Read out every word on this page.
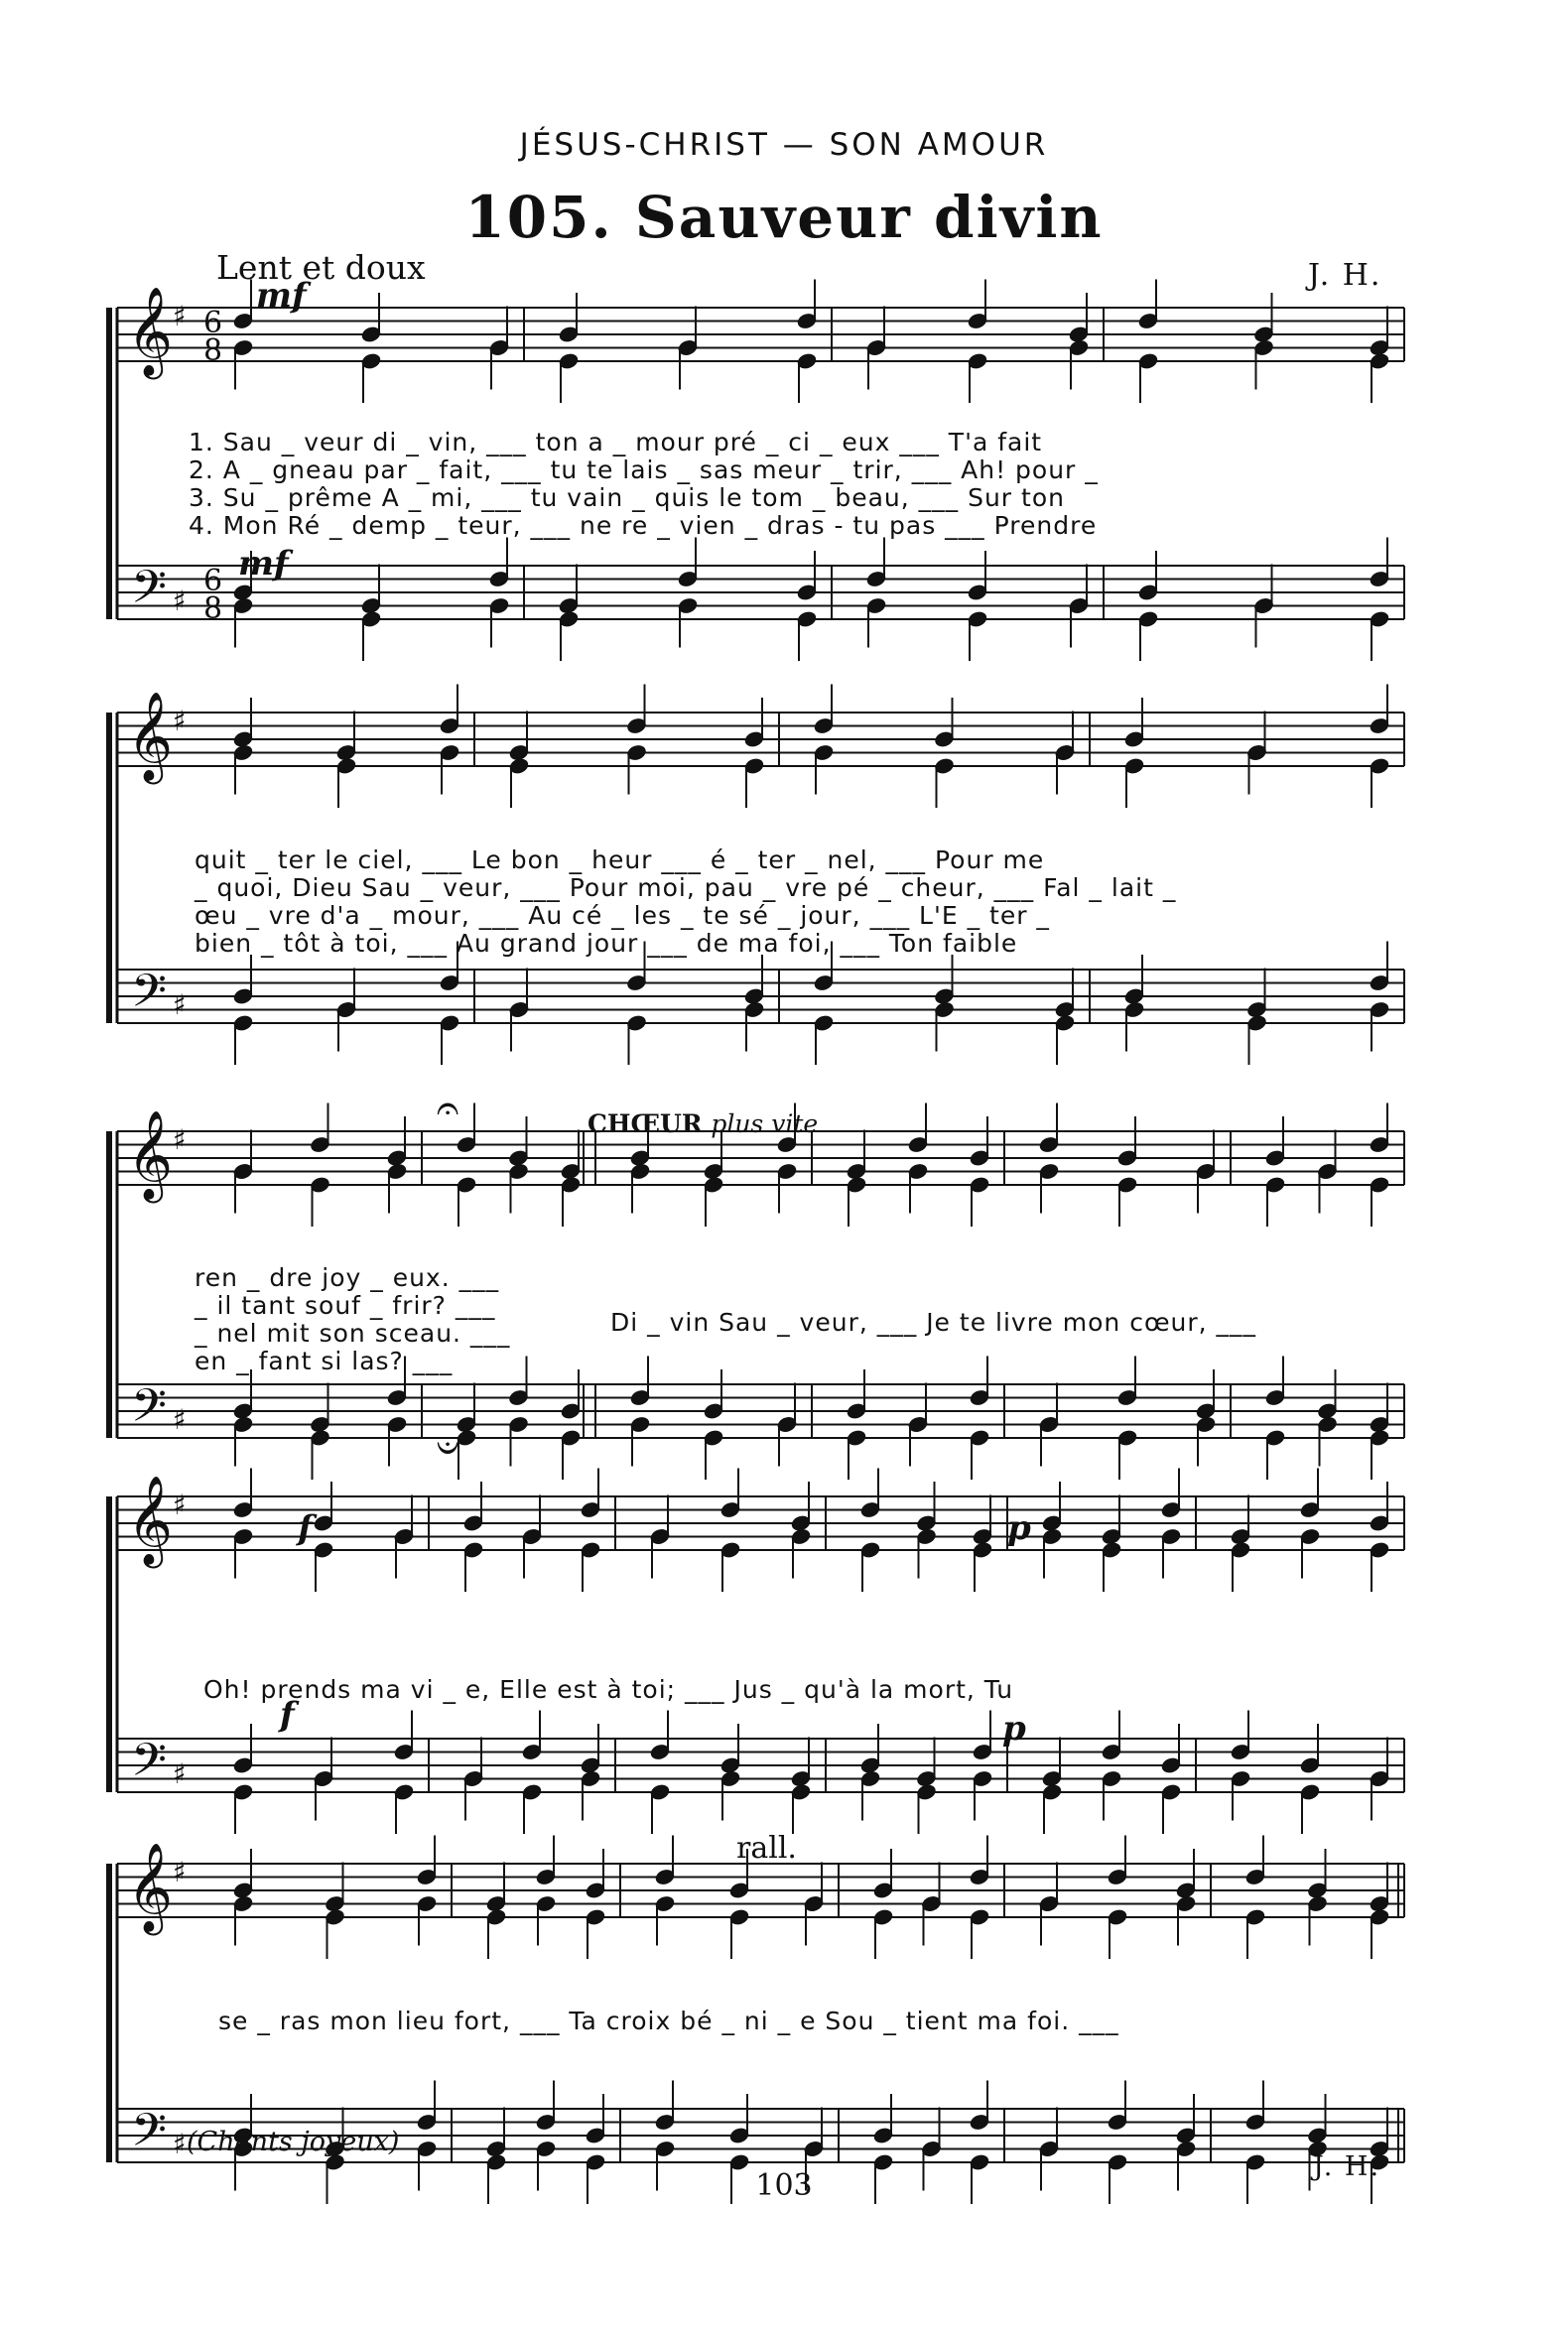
♯
♯
𝄞
𝄢
♯
♯
𝄞
𝄢
♯
♯
𝄞
𝄢
♯
♯
𝄞
𝄢
♯
♯
𝄞
𝄢
6
8
6
8
𝄐
𝄑
JÉSUS-CHRIST — SON AMOUR
105. Sauveur divin
Lent et doux	J. H.
mf
mf
1. Sau _ veur di _ vin, ___ ton a _ mour pré _ ci _ eux ___ T'a fait
2. A _ gneau par _ fait, ___ tu te lais _ sas meur _ trir, ___ Ah! pour _
3. Su _ prême A _ mi, ___ tu vain _ quis le tom _ beau, ___ Sur ton
4. Mon Ré _ demp _ teur, ___ ne re _ vien _ dras - tu pas ___ Prendre
quit _ ter le ciel, ___ Le bon _ heur ___ é _ ter _ nel, ___ Pour me
_ quoi, Dieu Sau _ veur, ___ Pour moi, pau _ vre pé _ cheur, ___ Fal _ lait _
œu _ vre d'a _ mour, ___ Au cé _ les _ te sé _ jour, ___ L'E _ ter _
bien _ tôt à toi, ___ Au grand jour ___ de ma foi, ___ Ton faible
CHŒUR plus vite
ren _ dre joy _ eux. ___
_ il tant souf _ frir? ___
_ nel mit son sceau. ___
en _ fant si las? ___
Di _ vin Sau _ veur, ___ Je te livre mon cœur, ___
f	p
Oh! prends ma vi _ e, Elle est à toi; ___ Jus _ qu'à la mort, Tu
f	p
rall.
se _ ras mon lieu fort, ___ Ta croix bé _ ni _ e Sou _ tient ma foi. ___
(Chants joyeux)
103
J. H.
